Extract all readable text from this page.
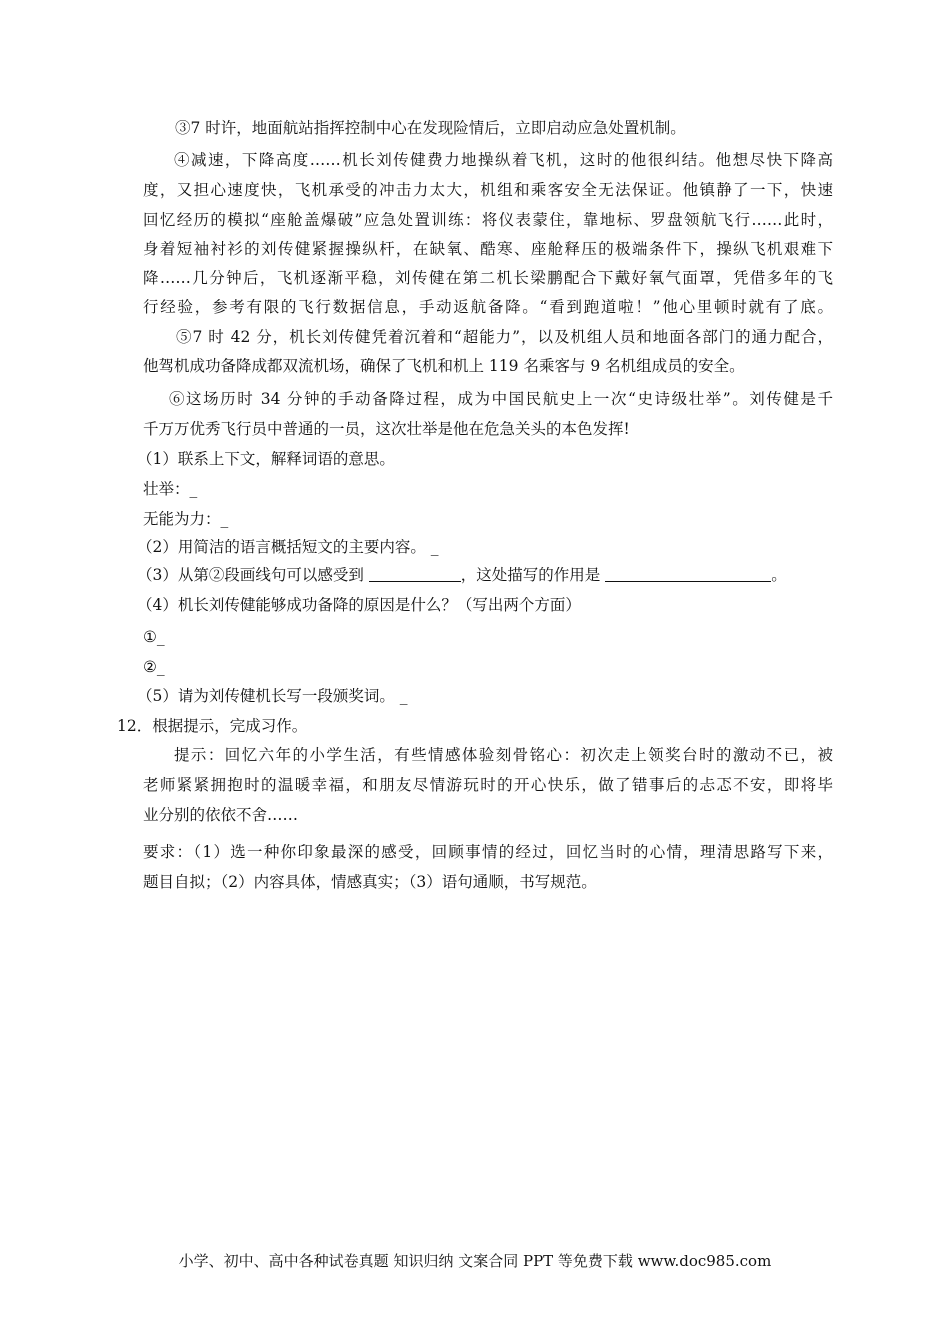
③7 时许，地面航站指挥控制中心在发现险情后，立即启动应急处置机制。
④减速，下降高度……机长刘传健费力地操纵着飞机，这时的他很纠结。他想尽快下降高
度，又担心速度快，飞机承受的冲击力太大，机组和乘客安全无法保证。他镇静了一下，快速
回忆经历的模拟“座舱盖爆破”应急处置训练：将仪表蒙住，靠地标、罗盘领航飞行……此时，
身着短袖衬衫的刘传健紧握操纵杆，在缺氧、酷寒、座舱释压的极端条件下，操纵飞机艰难下
降……几分钟后，飞机逐渐平稳，刘传健在第二机长梁鹏配合下戴好氧气面罩，凭借多年的飞
行经验，参考有限的飞行数据信息，手动返航备降。“看到跑道啦！”他心里顿时就有了底。
⑤7 时 42 分，机长刘传健凭着沉着和“超能力”，以及机组人员和地面各部门的通力配合，
他驾机成功备降成都双流机场，确保了飞机和机上 119 名乘客与 9 名机组成员的安全。
⑥这场历时 34 分钟的手动备降过程，成为中国民航史上一次“史诗级壮举”。刘传健是千
千万万优秀飞行员中普通的一员，这次壮举是他在危急关头的本色发挥!
（1）联系上下文，解释词语的意思。
壮举：_
无能为力：_
（2）用简洁的语言概括短文的主要内容。 _
（3）从第②段画线句可以感受到	，这处描写的作用是	。
（4）机长刘传健能够成功备降的原因是什么？（写出两个方面）
①_
②_
（5）请为刘传健机长写一段颁奖词。 _
12．根据提示，完成习作。
提示：回忆六年的小学生活，有些情感体验刻骨铭心：初次走上领奖台时的激动不已，被
老师紧紧拥抱时的温暖幸福，和朋友尽情游玩时的开心快乐，做了错事后的忐忑不安，即将毕
业分别的依依不舍……
要求：（1）选一种你印象最深的感受，回顾事情的经过，回忆当时的心情，理清思路写下来，
题目自拟；（2）内容具体，情感真实；（3）语句通顺，书写规范。
小学、初中、高中各种试卷真题 知识归纳 文案合同 PPT 等免费下载 www.doc985.com
